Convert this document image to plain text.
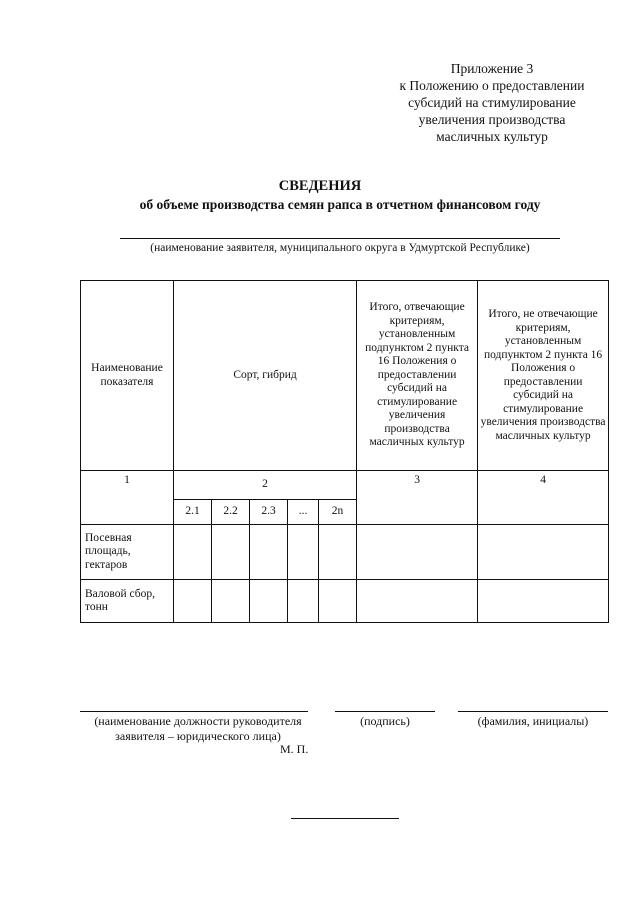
Приложение 3
к Положению о предоставлении
субсидий на стимулирование
увеличения производства
масличных культур
СВЕДЕНИЯ
об объеме производства семян рапса в отчетном финансовом году
(наименование заявителя, муниципального округа в Удмуртской Республике)
Наименование показателя	Сорт, гибрид					Итого, отвечающие критериям, установленным подпунктом 2 пункта 16 Положения о предоставлении субсидий на стимулирование увеличения производства масличных культур	Итого, не отвечающие критериям, установленным подпунктом 2 пункта 16 Положения о предоставлении субсидий на стимулирование увеличения производства масличных культур
1	2					3	4
	2.1	2.2	2.3	...	2n		
Посевная площадь, гектаров							
Валовой сбор, тонн							
(наименование должности руководителя
заявителя – юридического лица)
(подпись)	(фамилия, инициалы)
М. П.
